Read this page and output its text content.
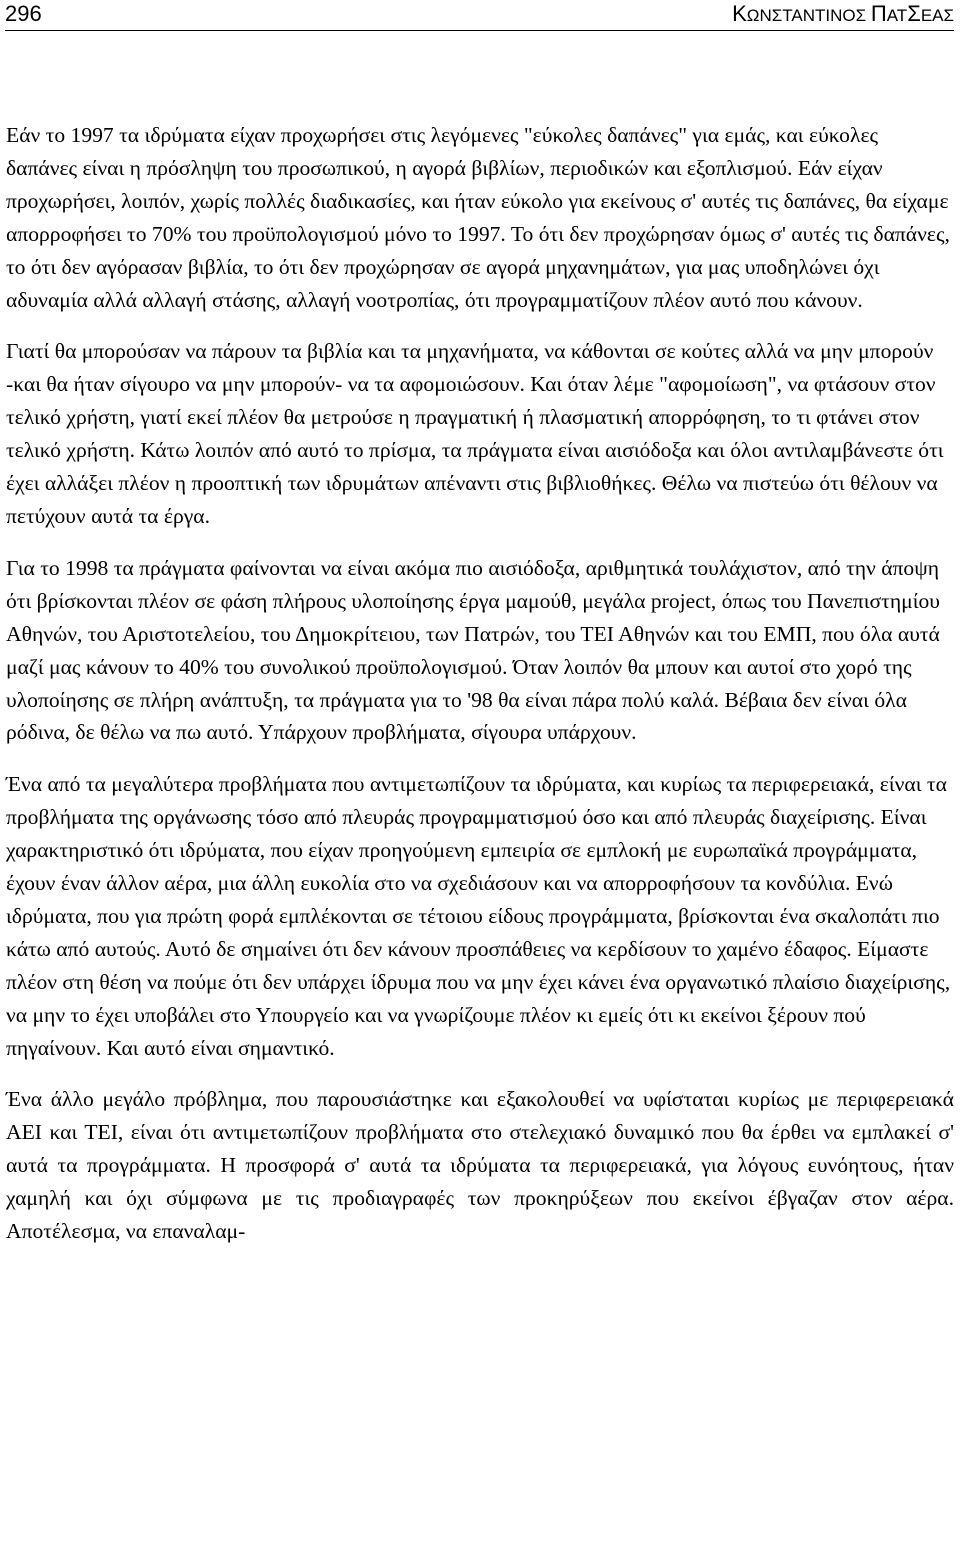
296	ΚΩΝΣΤΑΝΤΙΝΟΣ ΠΑΤΣΕΑΣ

Εάν το 1997 τα ιδρύματα είχαν προχωρήσει στις λεγόμενες "εύκολες δαπάνες" για εμάς, και εύκολες δαπάνες είναι η πρόσληψη του προσωπικού, η αγορά βιβλίων, περιοδικών και εξοπλισμού. Εάν είχαν προχωρήσει, λοιπόν, χωρίς πολλές διαδικασίες, και ήταν εύκολο για εκείνους σ' αυτές τις δαπάνες, θα είχαμε απορροφήσει το 70% του προϋπολογισμού μόνο το 1997. Το ότι δεν προχώρησαν όμως σ' αυτές τις δαπάνες, το ότι δεν αγόρασαν βιβλία, το ότι δεν προχώρησαν σε αγορά μηχανημάτων, για μας υποδηλώνει όχι αδυναμία αλλά αλλαγή στάσης, αλλαγή νοοτροπίας, ότι προγραμματίζουν πλέον αυτό που κάνουν.

Γιατί θα μπορούσαν να πάρουν τα βιβλία και τα μηχανήματα, να κάθονται σε κούτες αλλά να μην μπορούν -και θα ήταν σίγουρο να μην μπορούν- να τα αφομοιώσουν. Και όταν λέμε "αφομοίωση", να φτάσουν στον τελικό χρήστη, γιατί εκεί πλέον θα μετρούσε η πραγματική ή πλασματική απορρόφηση, το τι φτάνει στον τελικό χρήστη. Κάτω λοιπόν από αυτό το πρίσμα, τα πράγματα είναι αισιόδοξα και όλοι αντιλαμβάνεστε ότι έχει αλλάξει πλέον η προοπτική των ιδρυμάτων απέναντι στις βιβλιοθήκες. Θέλω να πιστεύω ότι θέλουν να πετύχουν αυτά τα έργα.

Για το 1998 τα πράγματα φαίνονται να είναι ακόμα πιο αισιόδοξα, αριθμητικά τουλάχιστον, από την άποψη ότι βρίσκονται πλέον σε φάση πλήρους υλοποίησης έργα μαμούθ, μεγάλα project, όπως του Πανεπιστημίου Αθηνών, του Αριστοτελείου, του Δημοκρίτειου, των Πατρών, του ΤΕΙ Αθηνών και του ΕΜΠ, που όλα αυτά μαζί μας κάνουν το 40% του συνολικού προϋπολογισμού. Όταν λοιπόν θα μπουν και αυτοί στο χορό της υλοποίησης σε πλήρη ανάπτυξη, τα πράγματα για το '98 θα είναι πάρα πολύ καλά. Βέβαια δεν είναι όλα ρόδινα, δε θέλω να πω αυτό. Υπάρχουν προβλήματα, σίγουρα υπάρχουν.

Ένα από τα μεγαλύτερα προβλήματα που αντιμετωπίζουν τα ιδρύματα, και κυρίως τα περιφερειακά, είναι τα προβλήματα της οργάνωσης τόσο από πλευράς προγραμματισμού όσο και από πλευράς διαχείρισης. Είναι χαρακτηριστικό ότι ιδρύματα, που είχαν προηγούμενη εμπειρία σε εμπλοκή με ευρωπαϊκά προγράμματα, έχουν έναν άλλον αέρα, μια άλλη ευκολία στο να σχεδιάσουν και να απορροφήσουν τα κονδύλια. Ενώ ιδρύματα, που για πρώτη φορά εμπλέκονται σε τέτοιου είδους προγράμματα, βρίσκονται ένα σκαλοπάτι πιο κάτω από αυτούς. Αυτό δε σημαίνει ότι δεν κάνουν προσπάθειες να κερδίσουν το χαμένο έδαφος. Είμαστε πλέον στη θέση να πούμε ότι δεν υπάρχει ίδρυμα που να μην έχει κάνει ένα οργανωτικό πλαίσιο διαχείρισης, να μην το έχει υποβάλει στο Υπουργείο και να γνωρίζουμε πλέον κι εμείς ότι κι εκείνοι ξέρουν πού πηγαίνουν. Και αυτό είναι σημαντικό.

Ένα άλλο μεγάλο πρόβλημα, που παρουσιάστηκε και εξακολουθεί να υφίσταται κυρίως με περιφερειακά ΑΕΙ και ΤΕΙ, είναι ότι αντιμετωπίζουν προβλήματα στο στελεχιακό δυναμικό που θα έρθει να εμπλακεί σ' αυτά τα προγράμματα. Η προσφορά σ' αυτά τα ιδρύματα τα περιφερειακά, για λόγους ευνόητους, ήταν χαμηλή και όχι σύμφωνα με τις προδιαγραφές των προκηρύξεων που εκείνοι έβγαζαν στον αέρα. Αποτέλεσμα, να επαναλαμ-
